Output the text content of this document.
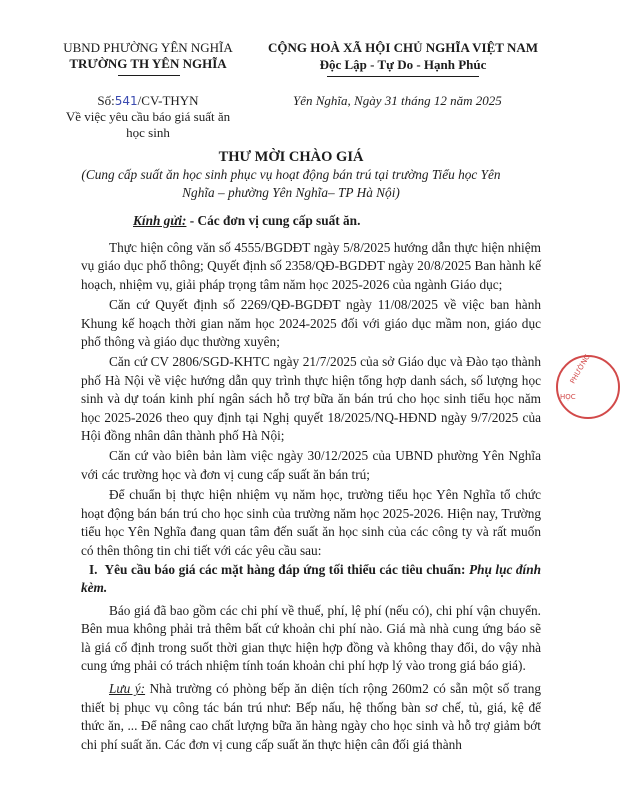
UBND PHƯỜNG YÊN NGHĨA
TRƯỜNG TH YÊN NGHĨA
CỘNG HOÀ XÃ HỘI CHỦ NGHĨA VIỆT NAM
Độc Lập - Tự Do - Hạnh Phúc
Số:541/CV-THYN
Về việc yêu cầu báo giá suất ăn
học sinh
Yên Nghĩa, Ngày 31 tháng 12 năm 2025
THƯ MỜI CHÀO GIÁ
(Cung cấp suất ăn học sinh phục vụ hoạt động bán trú tại trường Tiểu học Yên
Nghĩa – phường Yên Nghĩa– TP Hà Nội)
Kính gửi: - Các đơn vị cung cấp suất ăn.

Thực hiện công văn số 4555/BGDĐT ngày 5/8/2025 hướng dẫn thực hiện nhiệm vụ giáo dục phổ thông; Quyết định số 2358/QĐ-BGDĐT ngày 20/8/2025 Ban hành kế hoạch, nhiệm vụ, giải pháp trọng tâm năm học 2025-2026 của ngành Giáo dục;

Căn cứ Quyết định số 2269/QĐ-BGDĐT ngày 11/08/2025 về việc ban hành Khung kế hoạch thời gian năm học 2024-2025 đối với giáo dục mầm non, giáo dục phổ thông và giáo dục thường xuyên;

Căn cứ CV 2806/SGD-KHTC ngày 21/7/2025 của sở Giáo dục và Đào tạo thành phố Hà Nội về việc hướng dẫn quy trình thực hiện tổng hợp danh sách, số lượng học sinh và dự toán kinh phí ngân sách hỗ trợ bữa ăn bán trú cho học sinh tiểu học năm học 2025-2026 theo quy định tại Nghị quyết 18/2025/NQ-HĐND ngày 9/7/2025 của Hội đồng nhân dân thành phố Hà Nội;

Căn cứ vào biên bản làm việc ngày 30/12/2025 của UBND phường Yên Nghĩa với các trường học và đơn vị cung cấp suất ăn bán trú;

Để chuẩn bị thực hiện nhiệm vụ năm học, trường tiểu học Yên Nghĩa tổ chức hoạt động bán bán trú cho học sinh của trường năm học 2025-2026. Hiện nay, Trường tiểu học Yên Nghĩa đang quan tâm đến suất ăn học sinh của các công ty và rất muốn có thên thông tin chi tiết với các yêu cầu sau:

I. Yêu cầu báo giá các mặt hàng đáp ứng tối thiểu các tiêu chuẩn: Phụ lục đính kèm.

Báo giá đã bao gồm các chi phí về thuế, phí, lệ phí (nếu có), chi phí vận chuyển. Bên mua không phải trả thêm bất cứ khoản chi phí nào. Giá mà nhà cung ứng báo sẽ là giá cố định trong suốt thời gian thực hiện hợp đồng và không thay đổi, do vậy nhà cung ứng phải có trách nhiệm tính toán khoản chi phí hợp lý vào trong giá báo giá).

Lưu ý: Nhà trường có phòng bếp ăn diện tích rộng 260m2 có sẵn một số trang thiết bị phục vụ công tác bán trú như: Bếp nấu, hệ thống bàn sơ chế, tủ, giá, kệ để thức ăn, ... Để nâng cao chất lượng bữa ăn hàng ngày cho học sinh và hỗ trợ giảm bớt chi phí suất ăn. Các đơn vị cung cấp suất ăn thực hiện cân đối giá thành

PHƯỜNG
HỌC
